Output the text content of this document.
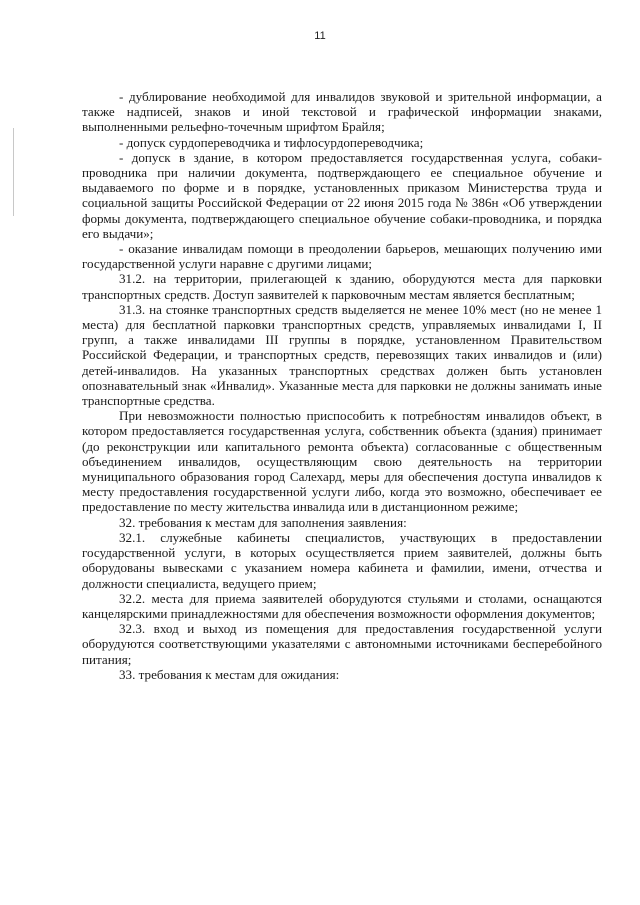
11

- дублирование необходимой для инвалидов звуковой и зрительной информации, а также надписей, знаков и иной текстовой и графической информации знаками, выполненными рельефно-точечным шрифтом Брайля;

- допуск сурдопереводчика и тифлосурдопереводчика;

- допуск в здание, в котором предоставляется государственная услуга, собаки-проводника при наличии документа, подтверждающего ее специальное обучение и выдаваемого по форме и в порядке, установленных приказом Министерства труда и социальной защиты Российской Федерации от 22 июня 2015 года № 386н «Об утверждении формы документа, подтверждающего специальное обучение собаки-проводника, и порядка его выдачи»;

- оказание инвалидам помощи в преодолении барьеров, мешающих получению ими государственной услуги наравне с другими лицами;

31.2. на территории, прилегающей к зданию, оборудуются места для парковки транспортных средств. Доступ заявителей к парковочным местам является бесплатным;

31.3. на стоянке транспортных средств выделяется не менее 10% мест (но не менее 1 места) для бесплатной парковки транспортных средств, управляемых инвалидами I, II групп, а также инвалидами III группы в порядке, установленном Правительством Российской Федерации, и транспортных средств, перевозящих таких инвалидов и (или) детей-инвалидов. На указанных транспортных средствах должен быть установлен опознавательный знак «Инвалид». Указанные места для парковки не должны занимать иные транспортные средства.

При невозможности полностью приспособить к потребностям инвалидов объект, в котором предоставляется государственная услуга, собственник объекта (здания) принимает (до реконструкции или капитального ремонта объекта) согласованные с общественным объединением инвалидов, осуществляющим свою деятельность на территории муниципального образования город Салехард, меры для обеспечения доступа инвалидов к месту предоставления государственной услуги либо, когда это возможно, обеспечивает ее предоставление по месту жительства инвалида или в дистанционном режиме;

32. требования к местам для заполнения заявления:

32.1. служебные кабинеты специалистов, участвующих в предоставлении государственной услуги, в которых осуществляется прием заявителей, должны быть оборудованы вывесками с указанием номера кабинета и фамилии, имени, отчества и должности специалиста, ведущего прием;

32.2. места для приема заявителей оборудуются стульями и столами, оснащаются канцелярскими принадлежностями для обеспечения возможности оформления документов;

32.3. вход и выход из помещения для предоставления государственной услуги оборудуются соответствующими указателями с автономными источниками бесперебойного питания;

33. требования к местам для ожидания:
